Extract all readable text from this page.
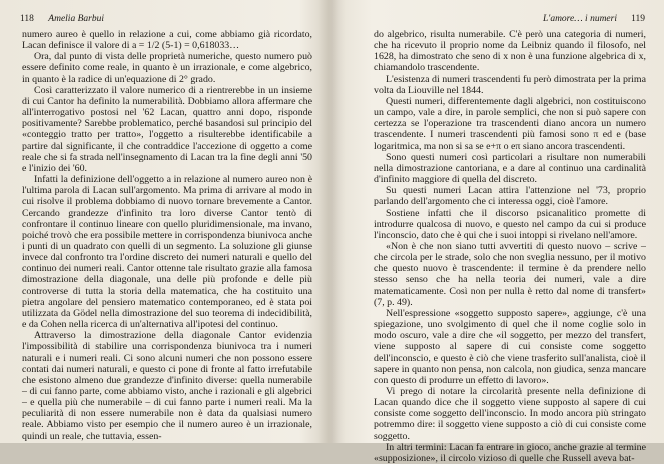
118 Amelia Barbui

numero aureo è quello in relazione a cui, come abbiamo già ricordato, Lacan definisce il valore di a = 1/2 (5-1) = 0,618033…

Ora, dal punto di vista delle proprietà numeriche, questo numero può essere definito come reale, in quanto è un irrazionale, e come algebrico, in quanto è la radice di un'equazione di 2° grado.

Così caratterizzato il valore numerico di a rientrerebbe in un insieme di cui Cantor ha definito la numerabilità. Dobbiamo allora affermare che all'interrogativo postosi nel '62 Lacan, quattro anni dopo, risponde positivamente? Sarebbe problematico, perché basandosi sul principio del «conteggio tratto per tratto», l'oggetto a risulterebbe identificabile a partire dal significante, il che contraddice l'accezione di oggetto a come reale che si fa strada nell'insegnamento di Lacan tra la fine degli anni '50 e l'inizio dei '60.

Infatti la definizione dell'oggetto a in relazione al numero aureo non è l'ultima parola di Lacan sull'argomento. Ma prima di arrivare al modo in cui risolve il problema dobbiamo di nuovo tornare brevemente a Cantor. Cercando grandezze d'infinito tra loro diverse Cantor tentò di confrontare il continuo lineare con quello pluridimensionale, ma invano, poiché trovò che era possibile mettere in corrispondenza biunivoca anche i punti di un quadrato con quelli di un segmento. La soluzione gli giunse invece dal confronto tra l'ordine discreto dei numeri naturali e quello del continuo dei numeri reali. Cantor ottenne tale risultato grazie alla famosa dimostrazione della diagonale, una delle più profonde e delle più controverse di tutta la storia della matematica, che ha costituito una pietra angolare del pensiero matematico contemporaneo, ed è stata poi utilizzata da Gödel nella dimostrazione del suo teorema di indecidibilità, e da Cohen nella ricerca di un'alternativa all'ipotesi del continuo.

Attraverso la dimostrazione della diagonale Cantor evidenzia l'impossibilità di stabilire una corrispondenza biunivoca tra i numeri naturali e i numeri reali. Ci sono alcuni numeri che non possono essere contati dai numeri naturali, e questo ci pone di fronte al fatto irrefutabile che esistono almeno due grandezze d'infinito diverse: quella numerabile – di cui fanno parte, come abbiamo visto, anche i razionali e gli algebrici – e quella più che numerabile – di cui fanno parte i numeri reali. Ma la peculiarità di non essere numerabile non è data da qualsiasi numero reale. Abbiamo visto per esempio che il numero aureo è un irrazionale, quindi un reale, che tuttavia, essen-

L'amore… i numeri 119

do algebrico, risulta numerabile. C'è però una categoria di numeri, che ha ricevuto il proprio nome da Leibniz quando il filosofo, nel 1628, ha dimostrato che seno di x non è una funzione algebrica di x, chiamandolo trascendente.

L'esistenza di numeri trascendenti fu però dimostrata per la prima volta da Liouville nel 1844.

Questi numeri, differentemente dagli algebrici, non costituiscono un campo, vale a dire, in parole semplici, che non si può sapere con certezza se l'operazione tra trascendenti diano ancora un numero trascendente. I numeri trascendenti più famosi sono π ed e (base logaritmica, ma non si sa se e+π o eπ siano ancora trascendenti.

Sono questi numeri così particolari a risultare non numerabili nella dimostrazione cantoriana, e a dare al continuo una cardinalità d'infinito maggiore di quella del discreto.

Su questi numeri Lacan attira l'attenzione nel '73, proprio parlando dell'argomento che ci interessa oggi, cioè l'amore.

Sostiene infatti che il discorso psicanalitico promette di introdurre qualcosa di nuovo, e questo nel campo da cui si produce l'inconscio, dato che è qui che i suoi intoppi si rivelano nell'amore.

«Non è che non siano tutti avvertiti di questo nuovo – scrive – che circola per le strade, solo che non sveglia nessuno, per il motivo che questo nuovo è trascendente: il termine è da prendere nello stesso senso che ha nella teoria dei numeri, vale a dire matematicamente. Così non per nulla è retto dal nome di transfert» (7, p. 49).

Nell'espressione «soggetto supposto sapere», aggiunge, c'è una spiegazione, uno svolgimento di quel che il nome coglie solo in modo oscuro, vale a dire che «il soggetto, per mezzo del transfert, viene supposto al sapere di cui consiste come soggetto dell'inconscio, e questo è ciò che viene trasferito sull'analista, cioè il sapere in quanto non pensa, non calcola, non giudica, senza mancare con questo di produrre un effetto di lavoro».

Vi prego di notare la circolarità presente nella definizione di Lacan quando dice che il soggetto viene supposto al sapere di cui consiste come soggetto dell'inconscio. In modo ancora più stringato potremmo dire: il soggetto viene supposto a ciò di cui consiste come soggetto.

In altri termini: Lacan fa entrare in gioco, anche grazie al termine «supposizione», il circolo vizioso di quelle che Russell aveva bat-
